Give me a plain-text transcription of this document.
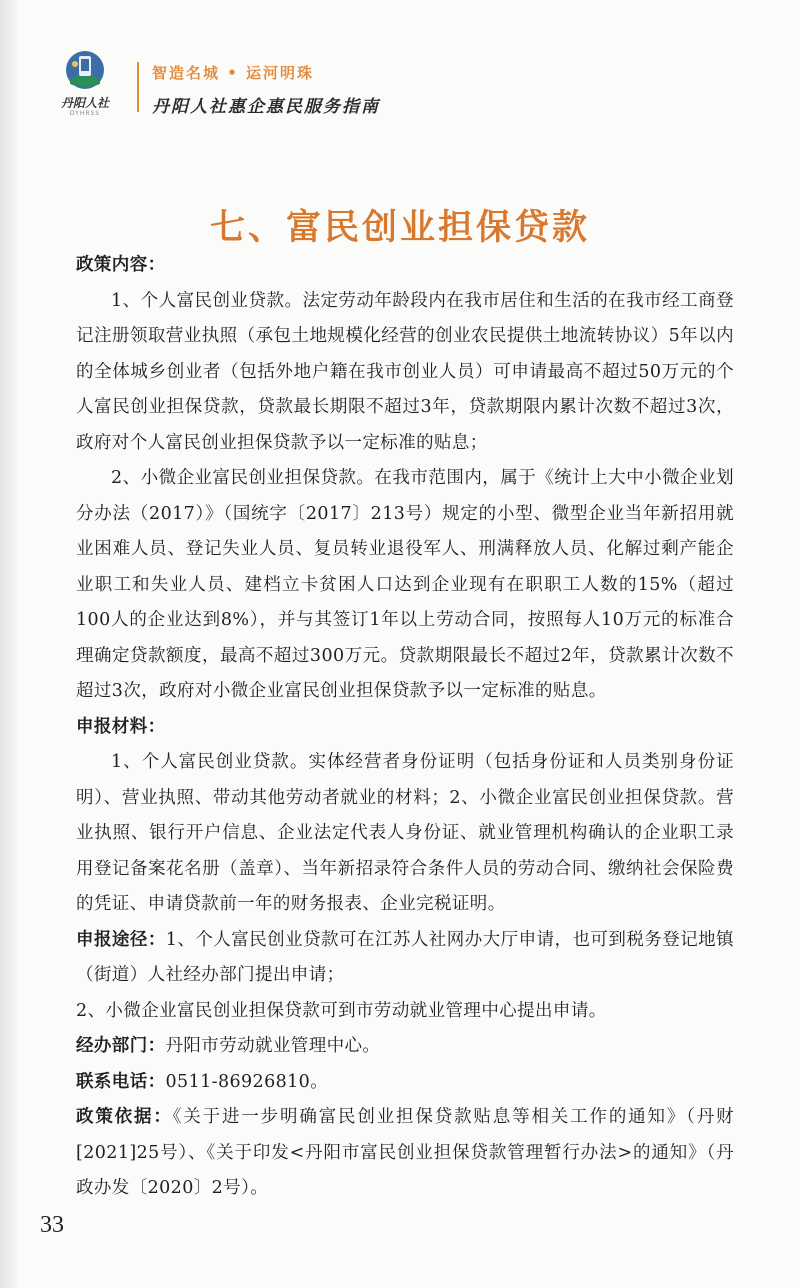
丹阳人社
DYHRSS
智造名城 • 运河明珠
丹阳人社惠企惠民服务指南
七、富民创业担保贷款

政策内容：

1、个人富民创业贷款。法定劳动年龄段内在我市居住和生活的在我市经工商登记注册领取营业执照（承包土地规模化经营的创业农民提供土地流转协议）5年以内的全体城乡创业者（包括外地户籍在我市创业人员）可申请最高不超过50万元的个人富民创业担保贷款，贷款最长期限不超过3年，贷款期限内累计次数不超过3次，政府对个人富民创业担保贷款予以一定标准的贴息；

2、小微企业富民创业担保贷款。在我市范围内，属于《统计上大中小微企业划分办法（2017）》（国统字〔2017〕213号）规定的小型、微型企业当年新招用就业困难人员、登记失业人员、复员转业退役军人、刑满释放人员、化解过剩产能企业职工和失业人员、建档立卡贫困人口达到企业现有在职职工人数的15%（超过100人的企业达到8%），并与其签订1年以上劳动合同，按照每人10万元的标准合理确定贷款额度，最高不超过300万元。贷款期限最长不超过2年，贷款累计次数不超过3次，政府对小微企业富民创业担保贷款予以一定标准的贴息。

申报材料：

1、个人富民创业贷款。实体经营者身份证明（包括身份证和人员类别身份证明）、营业执照、带动其他劳动者就业的材料；2、小微企业富民创业担保贷款。营业执照、银行开户信息、企业法定代表人身份证、就业管理机构确认的企业职工录用登记备案花名册（盖章）、当年新招录符合条件人员的劳动合同、缴纳社会保险费的凭证、申请贷款前一年的财务报表、企业完税证明。

申报途径：1、个人富民创业贷款可在江苏人社网办大厅申请，也可到税务登记地镇（街道）人社经办部门提出申请；

2、小微企业富民创业担保贷款可到市劳动就业管理中心提出申请。

经办部门：丹阳市劳动就业管理中心。

联系电话：0511-86926810。

政策依据：《关于进一步明确富民创业担保贷款贴息等相关工作的通知》（丹财 [2021]25号）、《关于印发<丹阳市富民创业担保贷款管理暂行办法>的通知》（丹政办发〔2020〕2号）。

33
